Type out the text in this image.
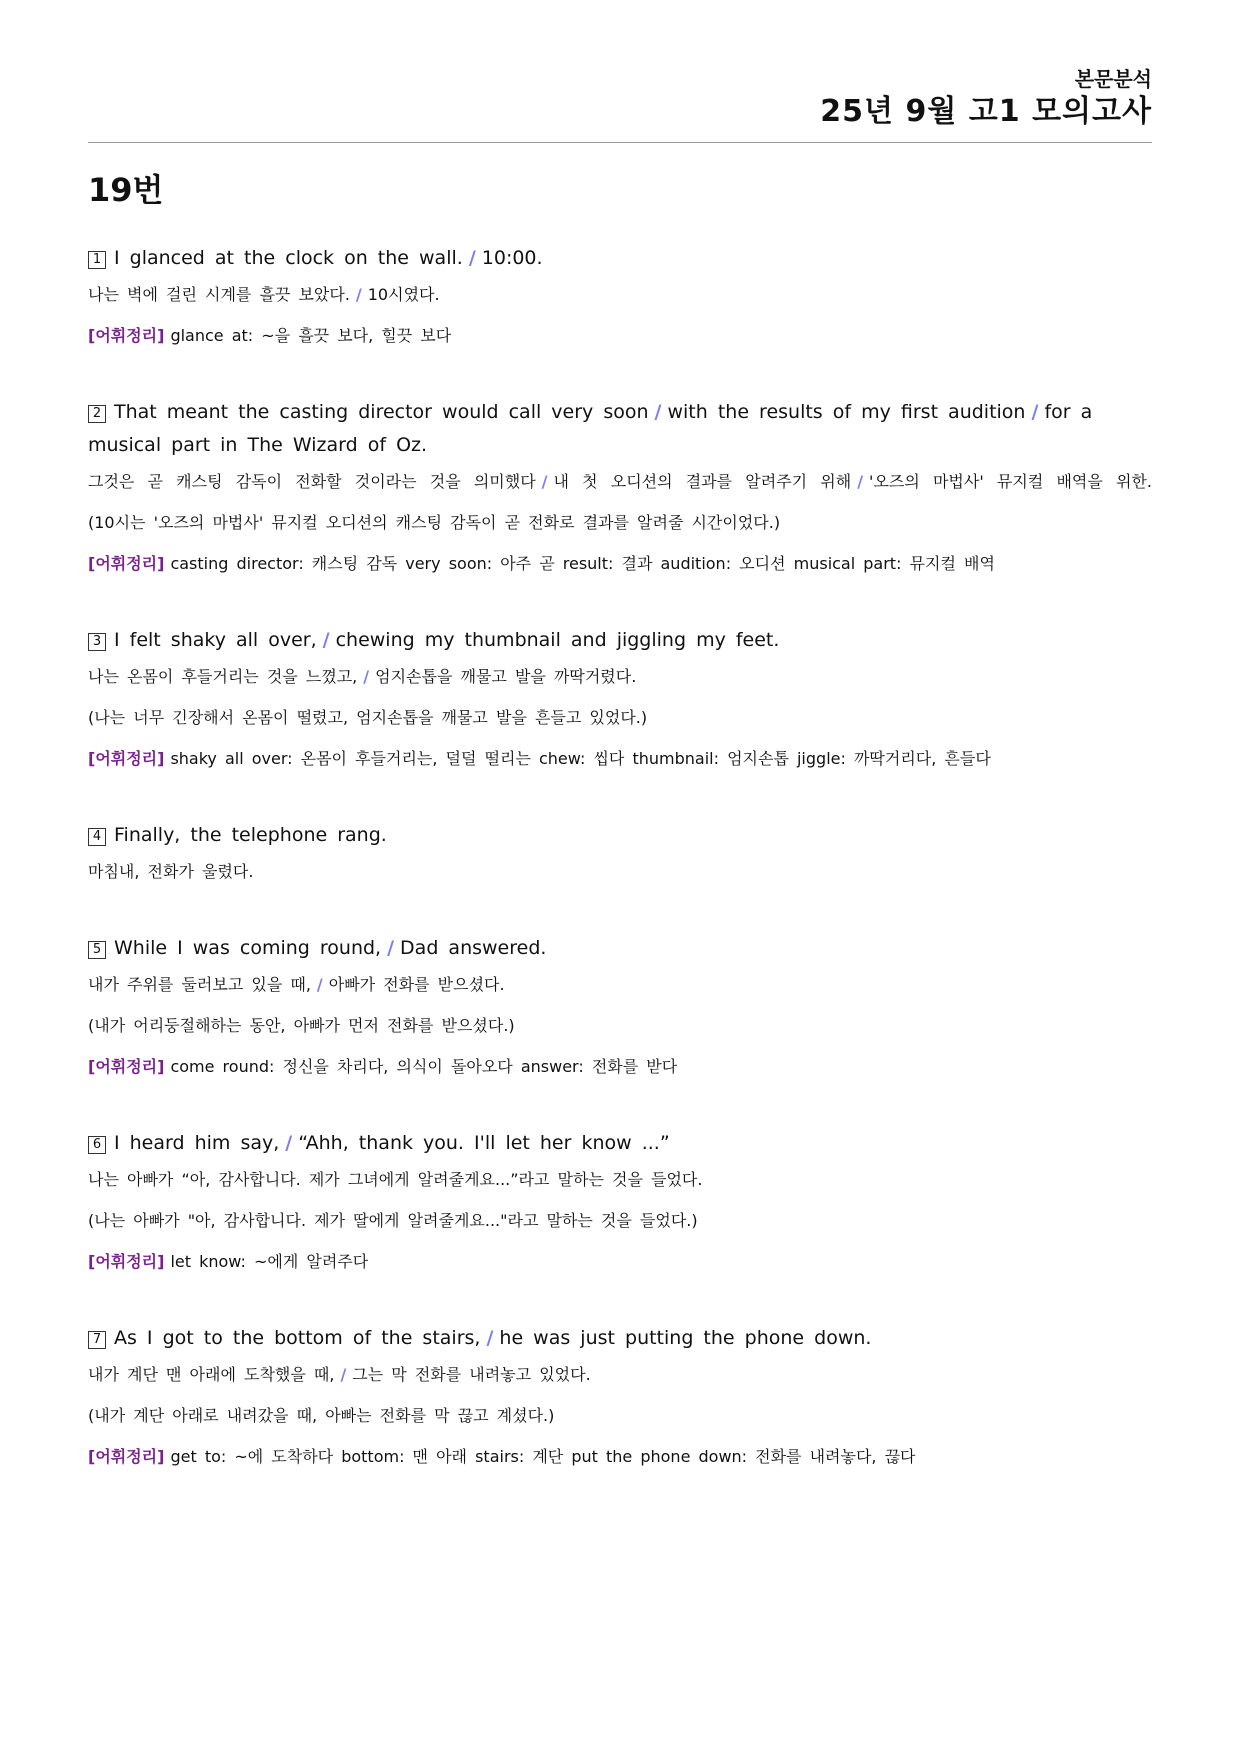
본문분석
25년 9월 고1 모의고사
19번
1 I glanced at the clock on the wall. / 10:00.
나는 벽에 걸린 시계를 흘끗 보았다. / 10시였다.
[어휘정리] glance at: ~을 흘끗 보다, 힐끗 보다
2 That meant the casting director would call very soon / with the results of my first audition / for a musical part in The Wizard of Oz.
그것은 곧 캐스팅 감독이 전화할 것이라는 것을 의미했다 / 내 첫 오디션의 결과를 알려주기 위해 / '오즈의 마법사' 뮤지컬 배역을 위한.
(10시는 '오즈의 마법사' 뮤지컬 오디션의 캐스팅 감독이 곧 전화로 결과를 알려줄 시간이었다.)
[어휘정리] casting director: 캐스팅 감독 very soon: 아주 곧 result: 결과 audition: 오디션 musical part: 뮤지컬 배역
3 I felt shaky all over, / chewing my thumbnail and jiggling my feet.
나는 온몸이 후들거리는 것을 느꼈고, / 엄지손톱을 깨물고 발을 까딱거렸다.
(나는 너무 긴장해서 온몸이 떨렸고, 엄지손톱을 깨물고 발을 흔들고 있었다.)
[어휘정리] shaky all over: 온몸이 후들거리는, 덜덜 떨리는 chew: 씹다 thumbnail: 엄지손톱 jiggle: 까딱거리다, 흔들다
4 Finally, the telephone rang.
마침내, 전화가 울렸다.
5 While I was coming round, / Dad answered.
내가 주위를 둘러보고 있을 때, / 아빠가 전화를 받으셨다.
(내가 어리둥절해하는 동안, 아빠가 먼저 전화를 받으셨다.)
[어휘정리] come round: 정신을 차리다, 의식이 돌아오다 answer: 전화를 받다
6 I heard him say, / “Ahh, thank you. I'll let her know ...”
나는 아빠가 “아, 감사합니다. 제가 그녀에게 알려줄게요...”라고 말하는 것을 들었다.
(나는 아빠가 "아, 감사합니다. 제가 딸에게 알려줄게요..."라고 말하는 것을 들었다.)
[어휘정리] let know: ~에게 알려주다
7 As I got to the bottom of the stairs, / he was just putting the phone down.
내가 계단 맨 아래에 도착했을 때, / 그는 막 전화를 내려놓고 있었다.
(내가 계단 아래로 내려갔을 때, 아빠는 전화를 막 끊고 계셨다.)
[어휘정리] get to: ~에 도착하다 bottom: 맨 아래 stairs: 계단 put the phone down: 전화를 내려놓다, 끊다
